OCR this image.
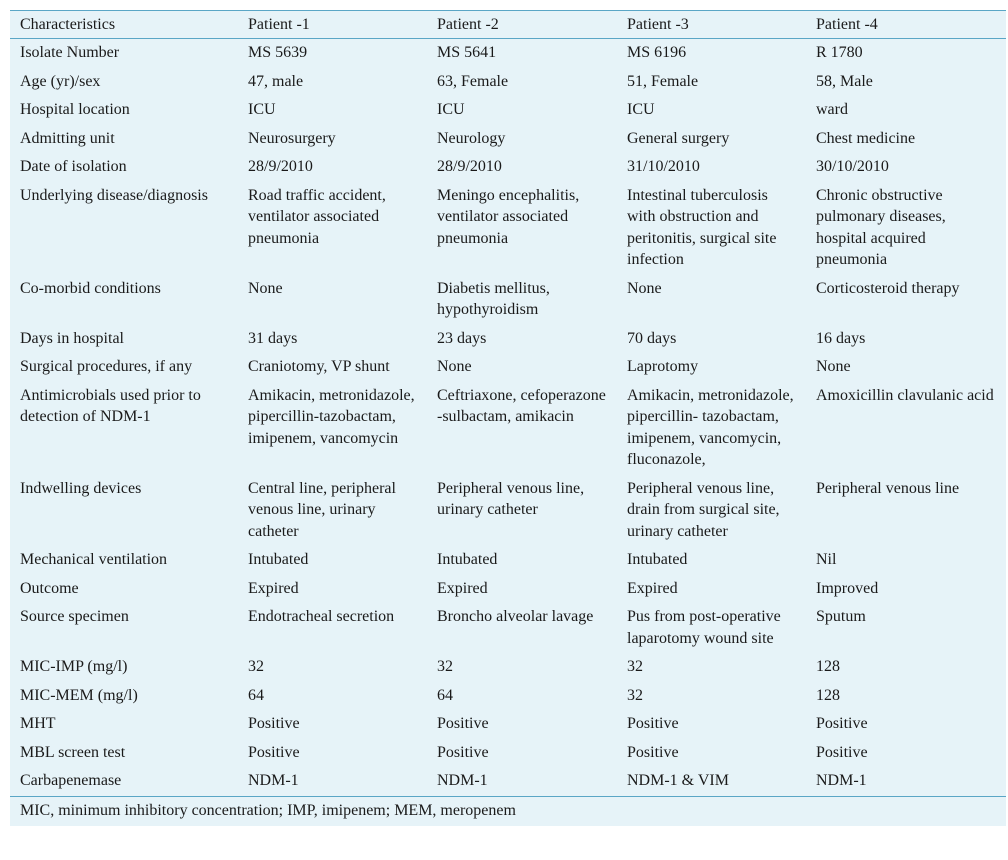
Characteristics	Patient -1	Patient -2	Patient -3	Patient -4
Isolate Number	MS 5639	MS 5641	MS 6196	R 1780
Age (yr)/sex	47, male	63, Female	51, Female	58, Male
Hospital location	ICU	ICU	ICU	ward
Admitting unit	Neurosurgery	Neurology	General surgery	Chest medicine
Date of isolation	28/9/2010	28/9/2010	31/10/2010	30/10/2010
Underlying disease/diagnosis	Road traffic accident, ventilator associated pneumonia	Meningo encephalitis, ventilator associated pneumonia	Intestinal tuberculosis with obstruction and peritonitis, surgical site infection	Chronic obstructive pulmonary diseases, hospital acquired pneumonia
Co-morbid conditions	None	Diabetis mellitus, hypothyroidism	None	Corticosteroid therapy
Days in hospital	31 days	23 days	70 days	16 days
Surgical procedures, if any	Craniotomy, VP shunt	None	Laprotomy	None
Antimicrobials used prior to detection of NDM-1	Amikacin, metronidazole, pipercillin-tazobactam, imipenem, vancomycin	Ceftriaxone, cefoperazone -sulbactam, amikacin	Amikacin, metronidazole, pipercillin- tazobactam, imipenem, vancomycin, fluconazole,	Amoxicillin clavulanic acid
Indwelling devices	Central line, peripheral venous line, urinary catheter	Peripheral venous line, urinary catheter	Peripheral venous line, drain from surgical site, urinary catheter	Peripheral venous line
Mechanical ventilation	Intubated	Intubated	Intubated	Nil
Outcome	Expired	Expired	Expired	Improved
Source specimen	Endotracheal secretion	Broncho alveolar lavage	Pus from post-operative laparotomy wound site	Sputum
MIC-IMP (mg/l)	32	32	32	128
MIC-MEM (mg/l)	64	64	32	128
MHT	Positive	Positive	Positive	Positive
MBL screen test	Positive	Positive	Positive	Positive
Carbapenemase	NDM-1	NDM-1	NDM-1 & VIM	NDM-1
MIC, minimum inhibitory concentration; IMP, imipenem; MEM, meropenem
